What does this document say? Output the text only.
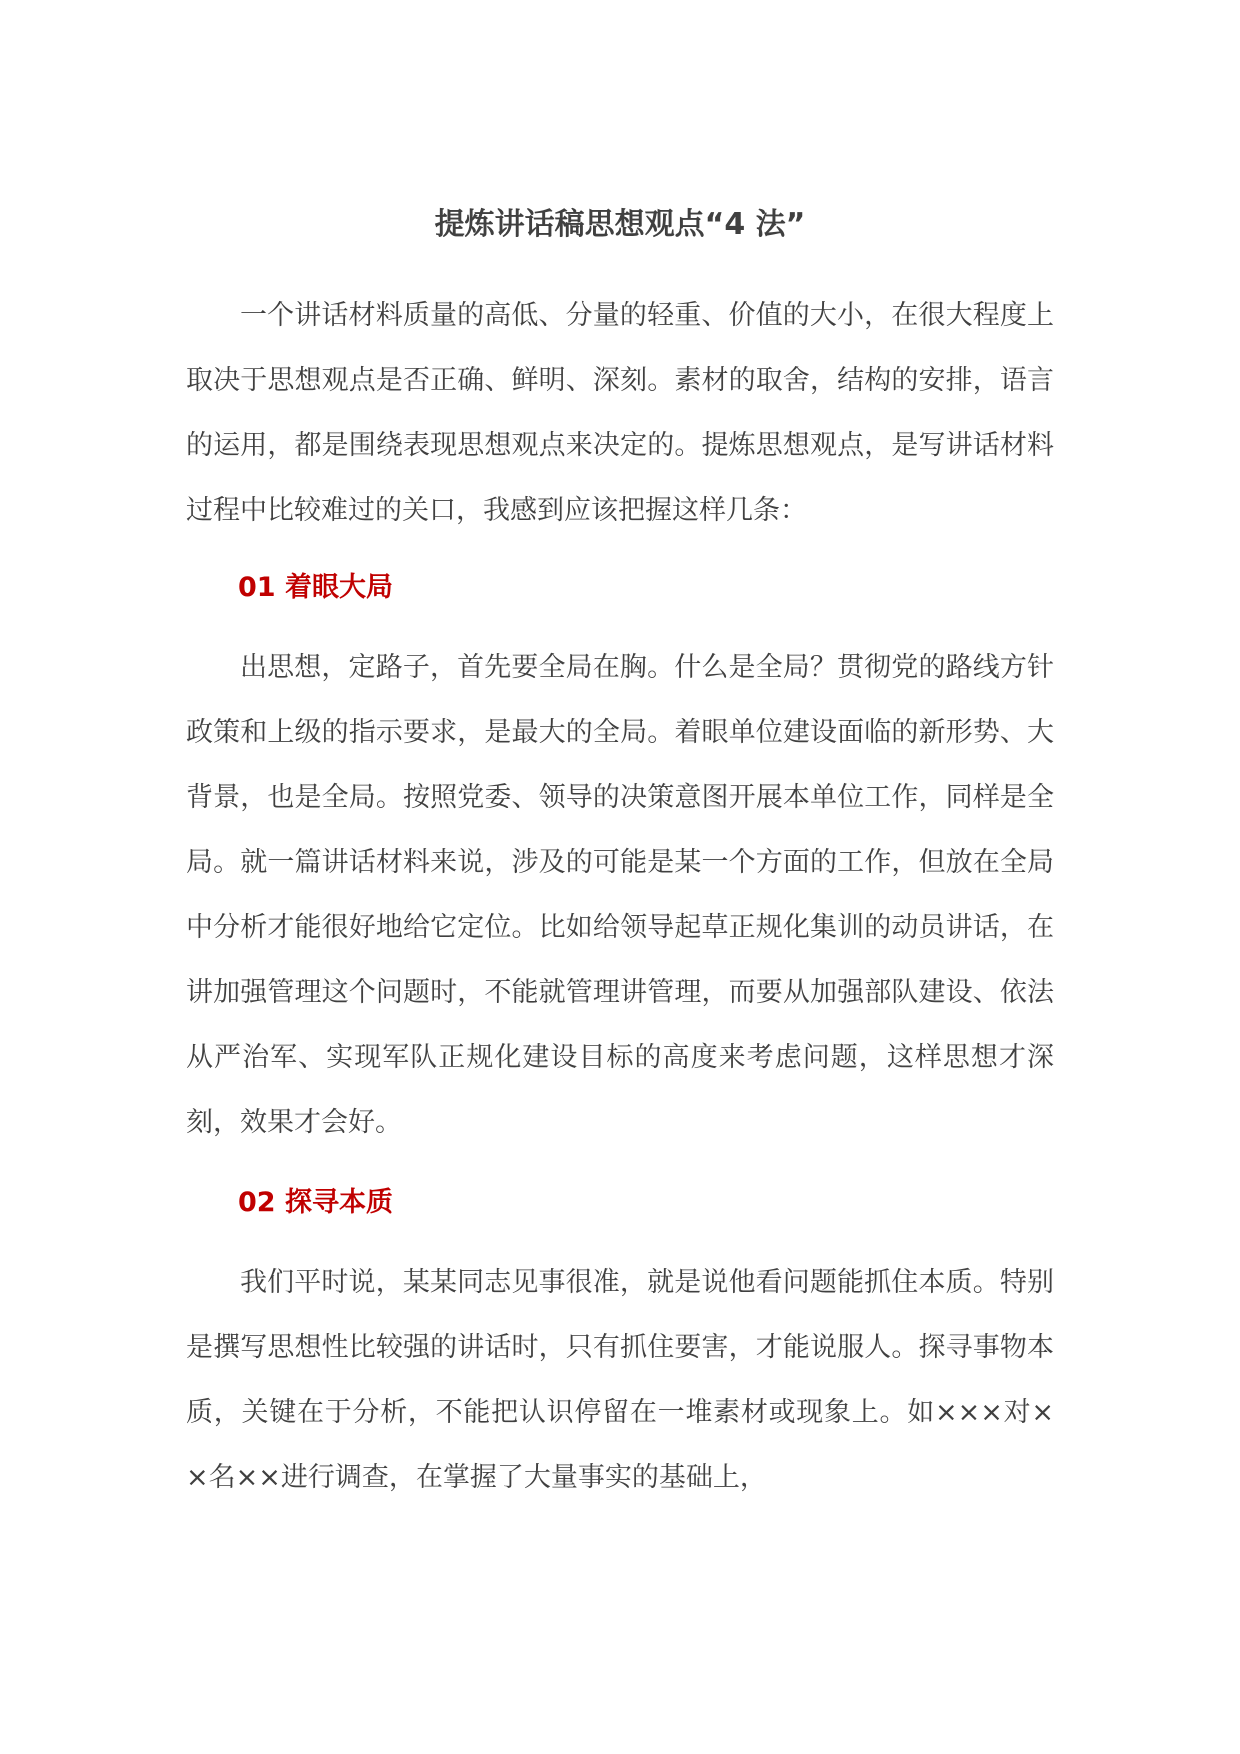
提炼讲话稿思想观点“4 法”

一个讲话材料质量的高低、分量的轻重、价值的大小，在很大程度上取决于思想观点是否正确、鲜明、深刻。素材的取舍，结构的安排，语言的运用，都是围绕表现思想观点来决定的。提炼思想观点，是写讲话材料过程中比较难过的关口，我感到应该把握这样几条：

01 着眼大局

出思想，定路子，首先要全局在胸。什么是全局？贯彻党的路线方针政策和上级的指示要求，是最大的全局。着眼单位建设面临的新形势、大背景，也是全局。按照党委、领导的决策意图开展本单位工作，同样是全局。就一篇讲话材料来说，涉及的可能是某一个方面的工作，但放在全局中分析才能很好地给它定位。比如给领导起草正规化集训的动员讲话，在讲加强管理这个问题时，不能就管理讲管理，而要从加强部队建设、依法从严治军、实现军队正规化建设目标的高度来考虑问题，这样思想才深刻，效果才会好。

02 探寻本质

我们平时说，某某同志见事很准，就是说他看问题能抓住本质。特别是撰写思想性比较强的讲话时，只有抓住要害，才能说服人。探寻事物本质，关键在于分析，不能把认识停留在一堆素材或现象上。如×××对××名××进行调查，在掌握了大量事实的基础上，
